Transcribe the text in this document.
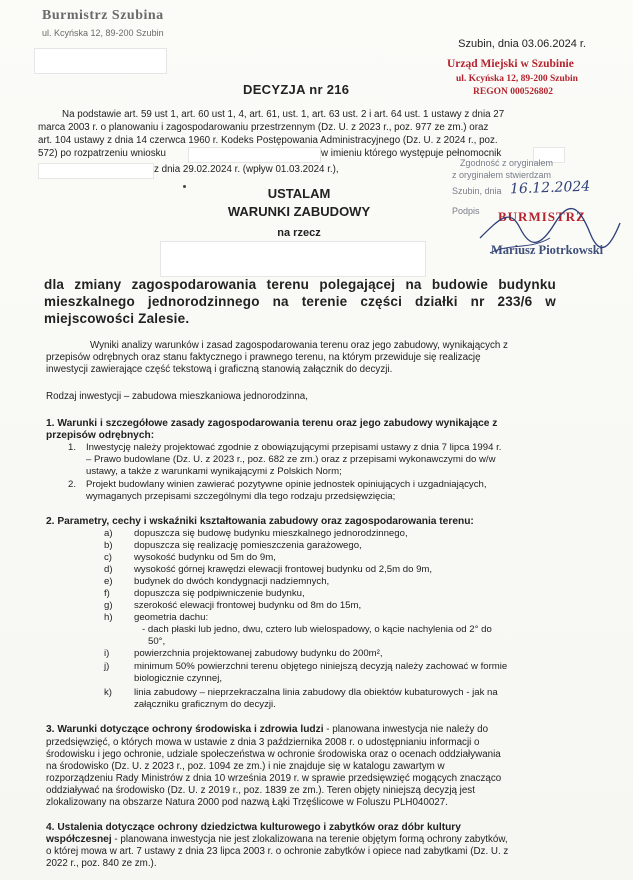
Burmistrz Szubina
ul. Kcyńska 12, 89-200 Szubin
Szubin, dnia 03.06.2024 r.
Urząd Miejski w Szubinie
ul. Kcyńska 12, 89-200 Szubin
REGON 000526802
DECYZJA nr 216
Na podstawie art. 59 ust 1, art. 60 ust 1, 4, art. 61, ust. 1, art. 63 ust. 2 i art. 64 ust. 1 ustawy z dnia 27
marca 2003 r. o planowaniu i zagospodarowaniu przestrzennym (Dz. U. z 2023 r., poz. 977 ze zm.) oraz
art. 104 ustawy z dnia 14 czerwca 1960 r. Kodeks Postępowania Administracyjnego (Dz. U. z 2024 r., poz.
572) po rozpatrzeniu wniosku	w imieniu którego występuje pełnomocnik
z dnia 29.02.2024 r. (wpływ 01.03.2024 r.),
Zgodność z oryginałem
z oryginałem stwierdzam
Szubin, dnia 16.12.2024
Podpis BURMISTRZ
Mariusz Piotrkowski
USTALAM
WARUNKI ZABUDOWY
na rzecz
dla zmiany zagospodarowania terenu polegającej na budowie budynku mieszkalnego jednorodzinnego na terenie części działki nr 233/6 w miejscowości Zalesie.
Wyniki analizy warunków i zasad zagospodarowania terenu oraz jego zabudowy, wynikających z
przepisów odrębnych oraz stanu faktycznego i prawnego terenu, na którym przewiduje się realizację
inwestycji zawierające część tekstową i graficzną stanowią załącznik do decyzji.
Rodzaj inwestycji – zabudowa mieszkaniowa jednorodzinna,
1. Warunki i szczegółowe zasady zagospodarowania terenu oraz jego zabudowy wynikające z
przepisów odrębnych:
1. Inwestycję należy projektować zgodnie z obowiązującymi przepisami ustawy z dnia 7 lipca 1994 r.
– Prawo budowlane (Dz. U. z 2023 r., poz. 682 ze zm.) oraz z przepisami wykonawczymi do w/w
ustawy, a także z warunkami wynikającymi z Polskich Norm;
2. Projekt budowlany winien zawierać pozytywne opinie jednostek opiniujących i uzgadniających,
wymaganych przepisami szczególnymi dla tego rodzaju przedsięwzięcia;
2. Parametry, cechy i wskaźniki kształtowania zabudowy oraz zagospodarowania terenu:
a) dopuszcza się budowę budynku mieszkalnego jednorodzinnego,
b) dopuszcza się realizację pomieszczenia garażowego,
c) wysokość budynku od 5m do 9m,
d) wysokość górnej krawędzi elewacji frontowej budynku od 2,5m do 9m,
e) budynek do dwóch kondygnacji nadziemnych,
f)	dopuszcza się podpiwniczenie budynku,
g) szerokość elewacji frontowej budynku od 8m do 15m,
h) geometria dachu:
- dach płaski lub jedno, dwu, cztero lub wielospadowy, o kącie nachylenia od 2° do
50°,
i)	powierzchnia projektowanej zabudowy budynku do 200m²,
j)	minimum 50% powierzchni terenu objętego niniejszą decyzją należy zachować w formie
biologicznie czynnej,
k) linia zabudowy – nieprzekraczalna linia zabudowy dla obiektów kubaturowych - jak na
załączniku graficznym do decyzji.
3. Warunki dotyczące ochrony środowiska i zdrowia ludzi - planowana inwestycja nie należy do
przedsięwzięć, o których mowa w ustawie z dnia 3 października 2008 r. o udostępnianiu informacji o
środowisku i jego ochronie, udziale społeczeństwa w ochronie środowiska oraz o ocenach oddziaływania
na środowisko (Dz. U. z 2023 r., poz. 1094 ze zm.) i nie znajduje się w katalogu zawartym w
rozporządzeniu Rady Ministrów z dnia 10 września 2019 r. w sprawie przedsięwzięć mogących znacząco
oddziaływać na środowisko (Dz. U. z 2019 r., poz. 1839 ze zm.). Teren objęty niniejszą decyzją jest
zlokalizowany na obszarze Natura 2000 pod nazwą Łąki Trzęślicowe w Foluszu PLH040027.
4. Ustalenia dotyczące ochrony dziedzictwa kulturowego i zabytków oraz dóbr kultury
współczesnej - planowana inwestycja nie jest zlokalizowana na terenie objętym formą ochrony zabytków,
o której mowa w art. 7 ustawy z dnia 23 lipca 2003 r. o ochronie zabytków i opiece nad zabytkami (Dz. U. z
2022 r., poz. 840 ze zm.).
